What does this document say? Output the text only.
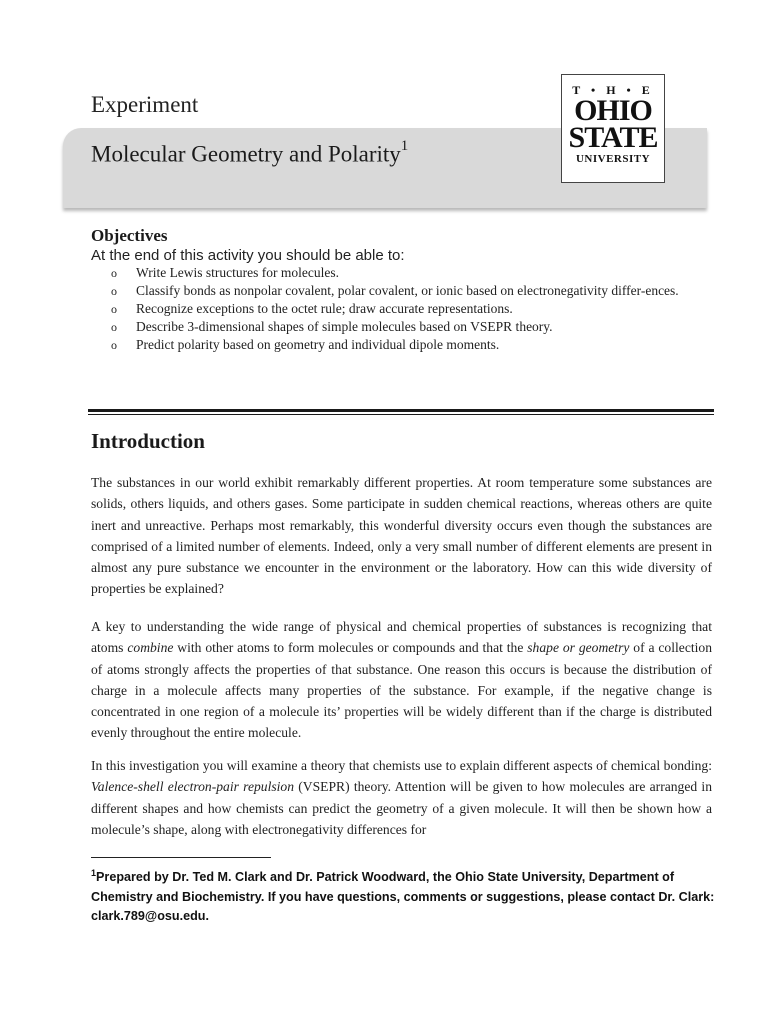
Experiment
Molecular Geometry and Polarity$^1$
T • H • E
OHIO
STATE
UNIVERSITY
Objectives
At the end of this activity you should be able to:
o Write Lewis structures for molecules.
o Classify bonds as nonpolar covalent, polar covalent, or ionic based on electronegativity differ-ences.
o Recognize exceptions to the octet rule; draw accurate representations.
o Describe 3-dimensional shapes of simple molecules based on VSEPR theory.
o Predict polarity based on geometry and individual dipole moments.
Introduction

The substances in our world exhibit remarkably different properties. At room temperature some substances are solids, others liquids, and others gases. Some participate in sudden chemical reactions, whereas others are quite inert and unreactive. Perhaps most remarkably, this wonderful diversity occurs even though the substances are comprised of a limited number of elements. Indeed, only a very small number of different elements are present in almost any pure substance we encounter in the environment or the laboratory. How can this wide diversity of properties be explained?

A key to understanding the wide range of physical and chemical properties of substances is recognizing that atoms combine with other atoms to form molecules or compounds and that the shape or geometry of a collection of atoms strongly affects the properties of that substance. One reason this occurs is because the distribution of charge in a molecule affects many properties of the substance. For example, if the negative change is concentrated in one region of a molecule its’ properties will be widely different than if the charge is distributed evenly throughout the entire molecule.

In this investigation you will examine a theory that chemists use to explain different aspects of chemical bonding: Valence-shell electron-pair repulsion (VSEPR) theory. Attention will be given to how molecules are arranged in different shapes and how chemists can predict the geometry of a given molecule. It will then be shown how a molecule’s shape, along with electronegativity differences for

$^1$Prepared by Dr. Ted M. Clark and Dr. Patrick Woodward, the Ohio State University, Department of Chemistry and Biochemistry. If you have questions, comments or suggestions, please contact Dr. Clark: clark.789@osu.edu.
